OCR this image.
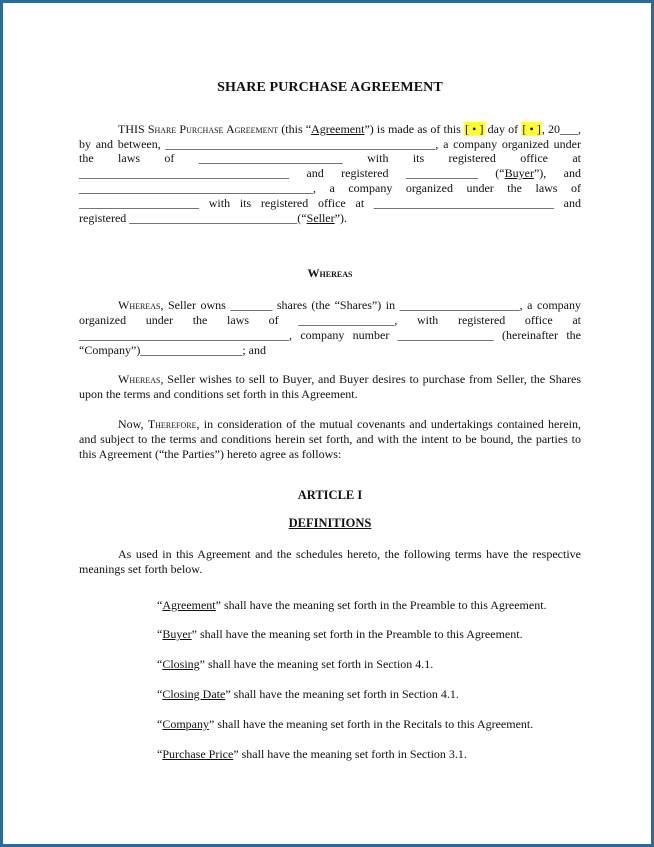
SHARE PURCHASE AGREEMENT

THIS Share Purchase Agreement (this “Agreement”) is made as of this [ • ] day of [ • ], 20___, by and between, _____________________________________________, a company organized under the laws of ________________________ with its registered office at ___________________________________ and registered ____________ (“Buyer”), and _______________________________________, a company organized under the laws of ____________________ with its registered office at ______________________________ and registered ____________________________(“Seller”).

Whereas

Whereas, Seller owns _______ shares (the “Shares”) in ____________________, a company organized under the laws of ________________, with registered office at ___________________________________, company number ________________ (hereinafter the “Company”)_________________; and

Whereas, Seller wishes to sell to Buyer, and Buyer desires to purchase from Seller, the Shares upon the terms and conditions set forth in this Agreement.

Now, Therefore, in consideration of the mutual covenants and undertakings contained herein, and subject to the terms and conditions herein set forth, and with the intent to be bound, the parties to this Agreement (“the Parties”) hereto agree as follows:

ARTICLE I
DEFINITIONS

As used in this Agreement and the schedules hereto, the following terms have the respective meanings set forth below.

“Agreement” shall have the meaning set forth in the Preamble to this Agreement.
“Buyer” shall have the meaning set forth in the Preamble to this Agreement.
“Closing” shall have the meaning set forth in Section 4.1.
“Closing Date” shall have the meaning set forth in Section 4.1.
“Company” shall have the meaning set forth in the Recitals to this Agreement.
“Purchase Price” shall have the meaning set forth in Section 3.1.
